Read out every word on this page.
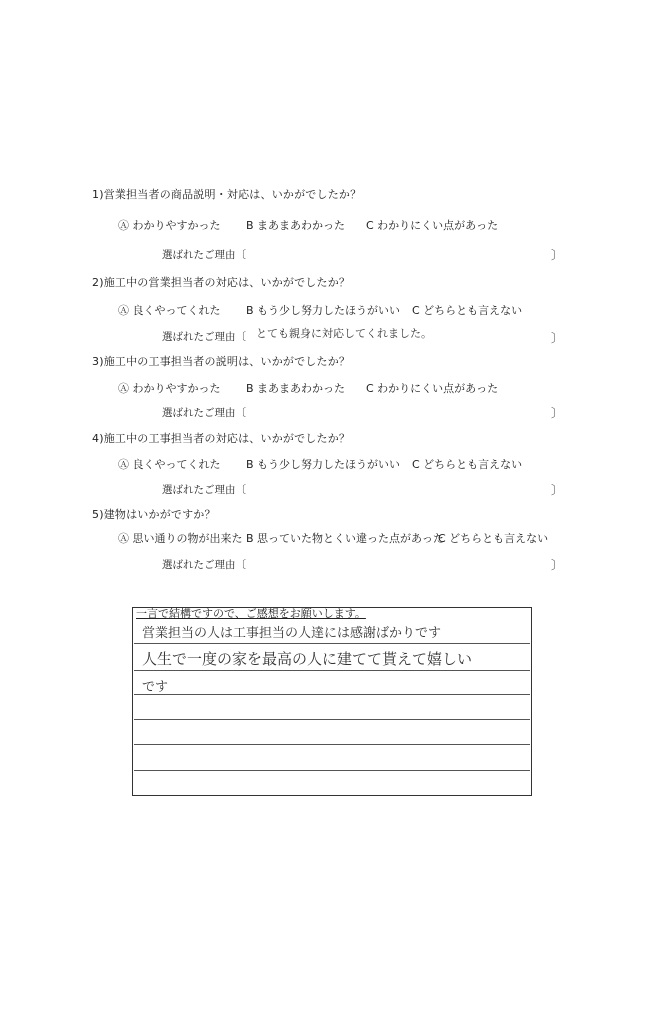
1)営業担当者の商品説明・対応は、いかがでしたか？
Ⓐ わかりやすかった B まあまあわかった C わかりにくい点があった
選ばれたご理由〔	〕
2)施工中の営業担当者の対応は、いかがでしたか？
Ⓐ 良くやってくれた B もう少し努力したほうがいい C どちらとも言えない
選ばれたご理由〔 とても親身に対応してくれました。	〕
3)施工中の工事担当者の説明は、いかがでしたか？
Ⓐ わかりやすかった B まあまあわかった C わかりにくい点があった
選ばれたご理由〔	〕
4)施工中の工事担当者の対応は、いかがでしたか？
Ⓐ 良くやってくれた B もう少し努力したほうがいい C どちらとも言えない
選ばれたご理由〔	〕
5)建物はいかがですか？
Ⓐ 思い通りの物が出来た B 思っていた物とくい違った点があった
C どちらとも言えない
選ばれたご理由〔	〕
一言で結構ですので、ご感想をお願いします。
営業担当の人は工事担当の人達には感謝ばかりです
人生で一度の家を最高の人に建てて貰えて嬉しい
です
